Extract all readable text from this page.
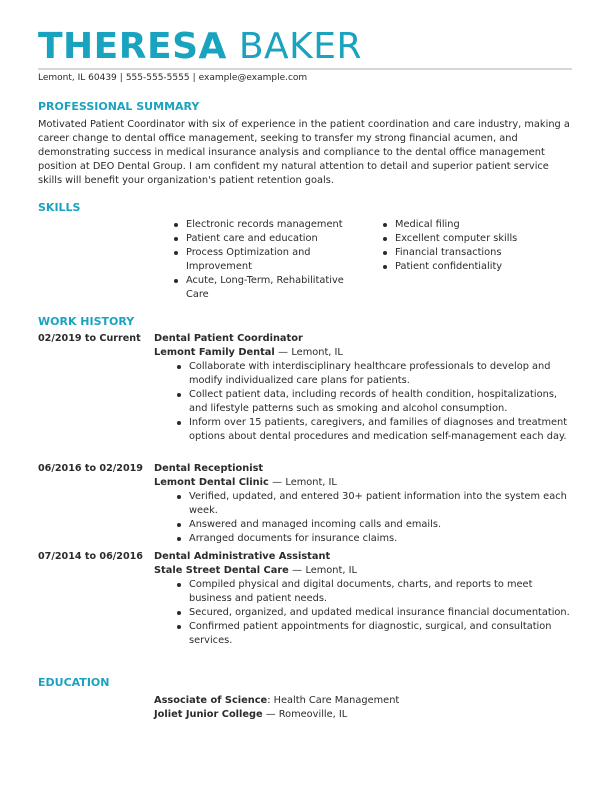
THERESA BAKER
Lemont, IL 60439 | 555-555-5555 | example@example.com
PROFESSIONAL SUMMARY

Motivated Patient Coordinator with six of experience in the patient coordination and care industry, making a career change to dental office management, seeking to transfer my strong financial acumen, and demonstrating success in medical insurance analysis and compliance to the dental office management position at DEO Dental Group. I am confident my natural attention to detail and superior patient service skills will benefit your organization's patient retention goals.

SKILLS
Electronic records management
Patient care and education
Process Optimization and Improvement
Acute, Long-Term, Rehabilitative Care
Medical filing
Excellent computer skills
Financial transactions
Patient confidentiality
WORK HISTORY
02/2019 to Current Dental Patient Coordinator
Lemont Family Dental — Lemont, IL
Collaborate with interdisciplinary healthcare professionals to develop and modify individualized care plans for patients.
Collect patient data, including records of health condition, hospitalizations, and lifestyle patterns such as smoking and alcohol consumption.
Inform over 15 patients, caregivers, and families of diagnoses and treatment options about dental procedures and medication self-management each day.
06/2016 to 02/2019 Dental Receptionist
Lemont Dental Clinic — Lemont, IL
Verified, updated, and entered 30+ patient information into the system each week.
Answered and managed incoming calls and emails.
Arranged documents for insurance claims.
07/2014 to 06/2016 Dental Administrative Assistant
Stale Street Dental Care — Lemont, IL
Compiled physical and digital documents, charts, and reports to meet business and patient needs.
Secured, organized, and updated medical insurance financial documentation.
Confirmed patient appointments for diagnostic, surgical, and consultation services.
EDUCATION
Associate of Science: Health Care Management
Joliet Junior College — Romeoville, IL
